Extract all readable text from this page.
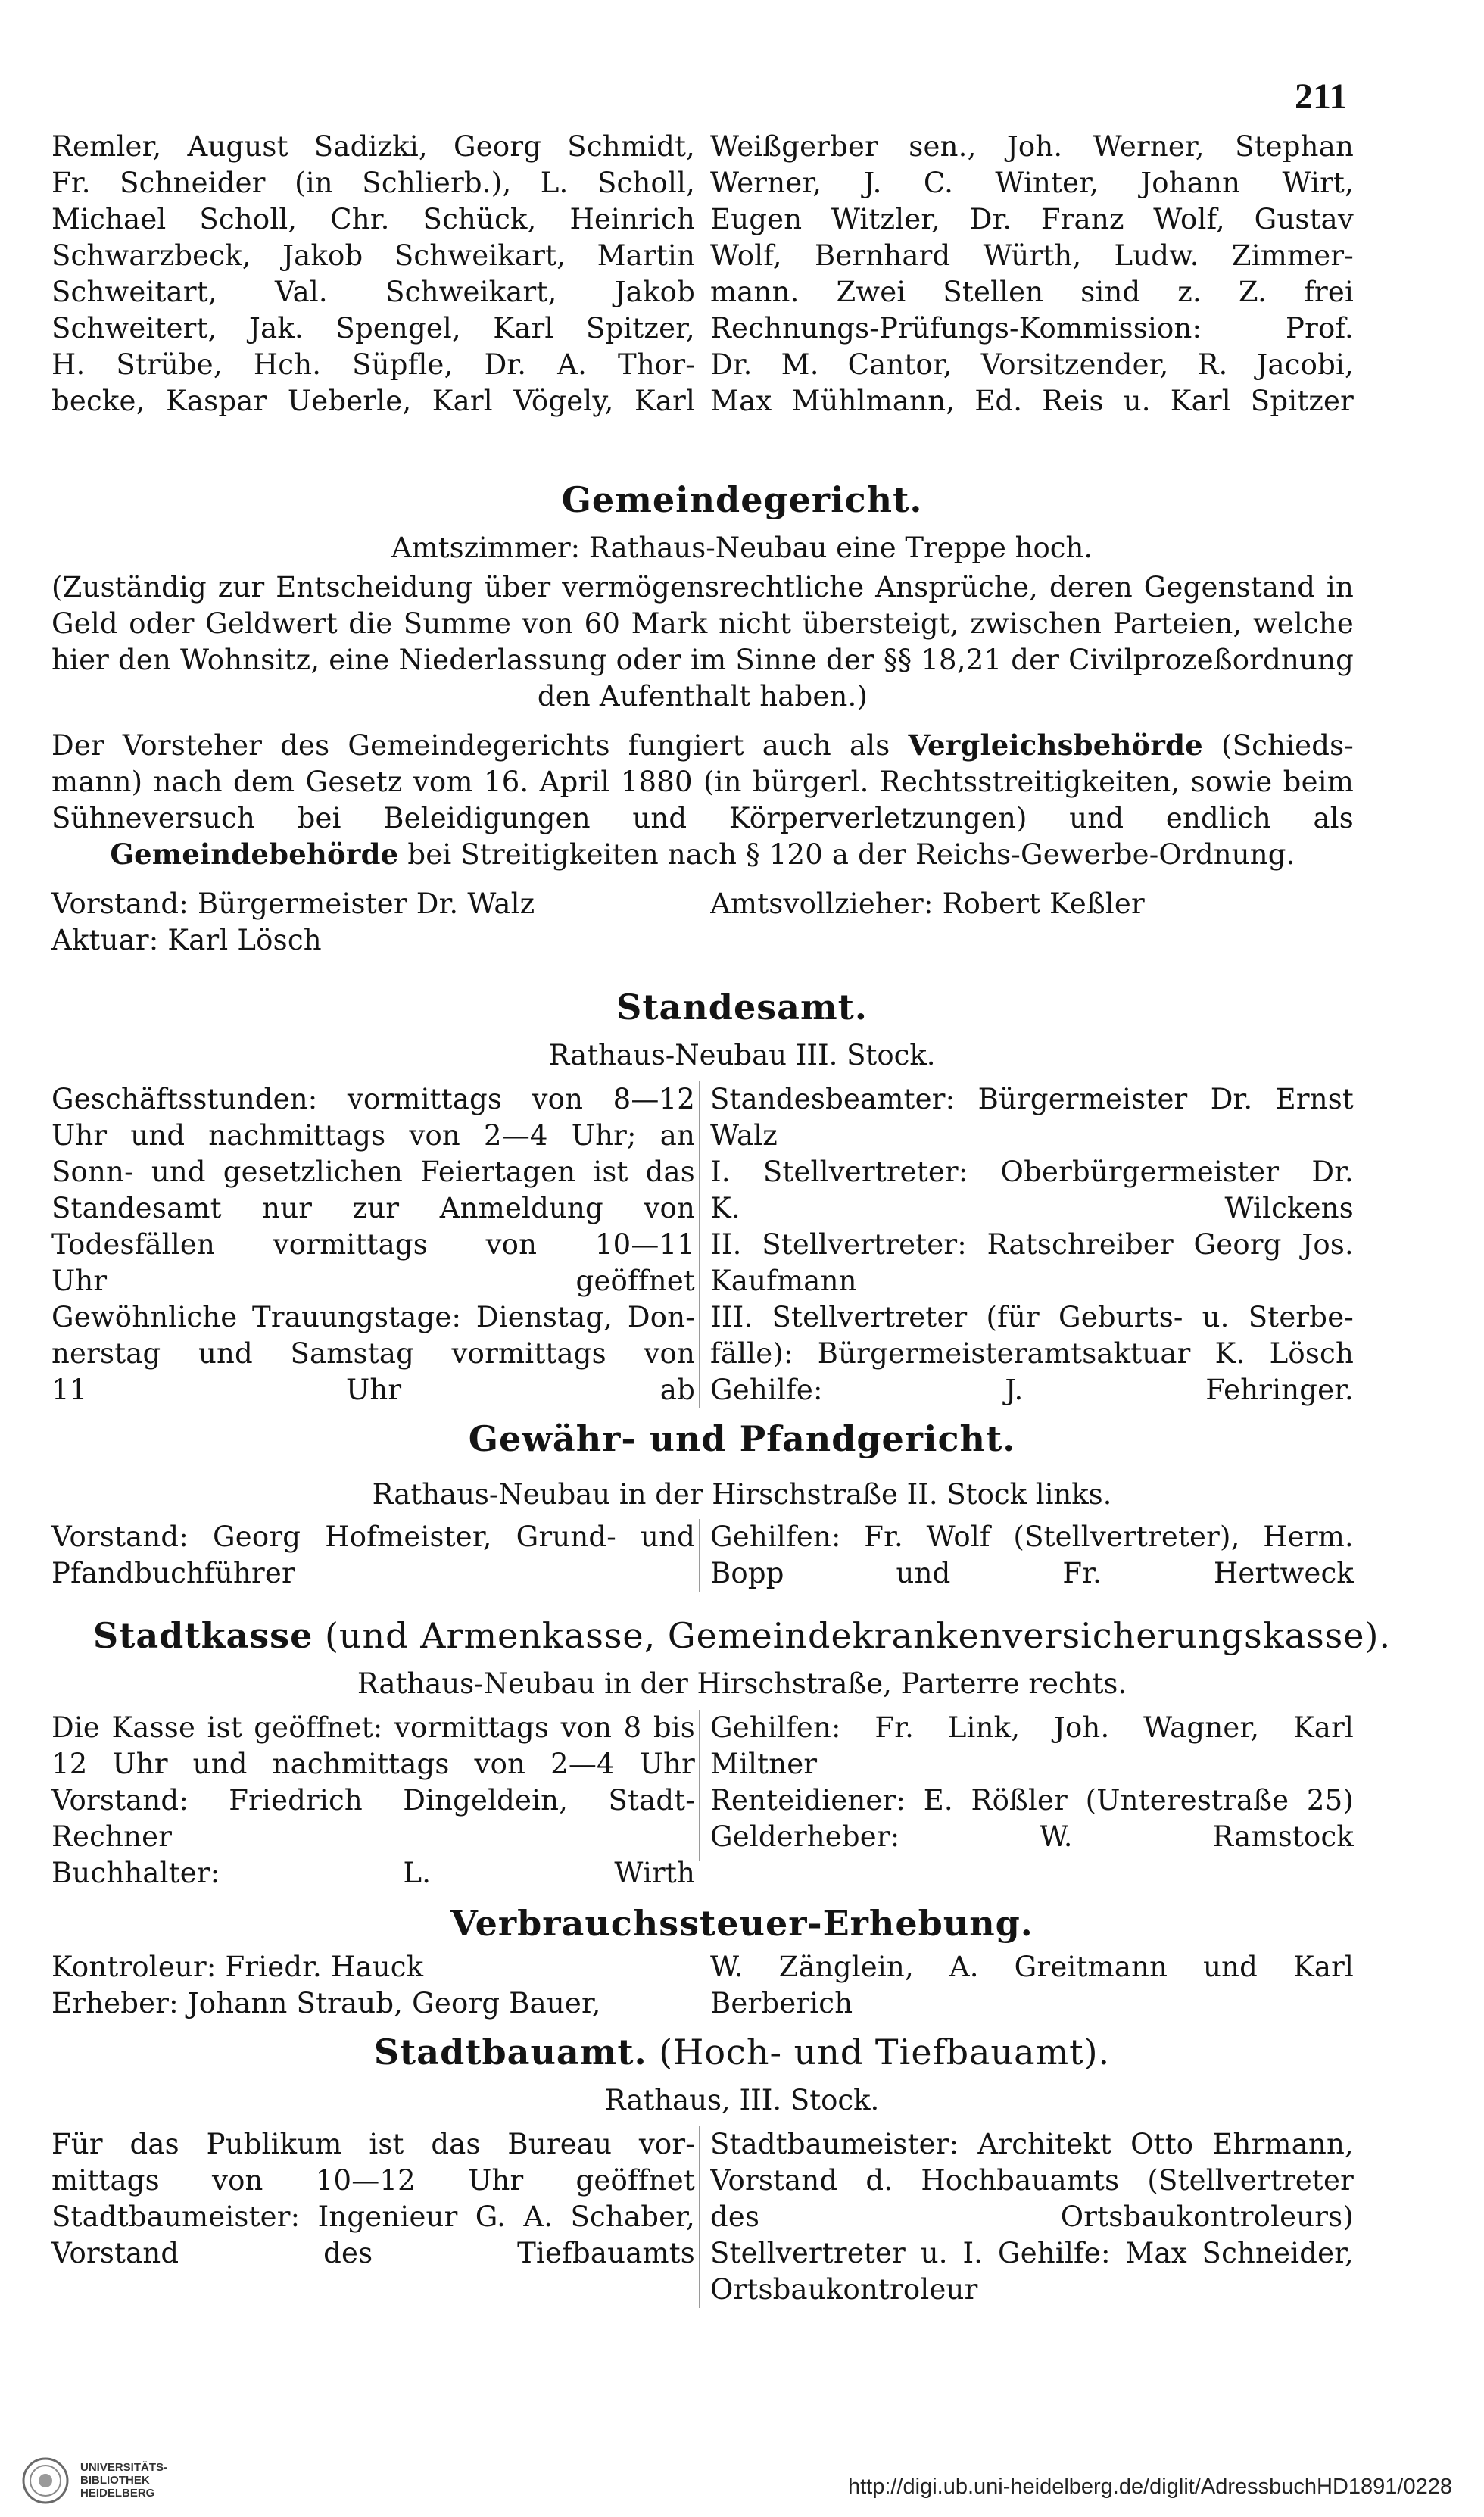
211
Remler, August Sadizki, Georg Schmidt,
Fr. Schneider (in Schlierb.), L. Scholl,
Michael Scholl, Chr. Schück, Heinrich
Schwarzbeck, Jakob Schweikart, Martin
Schweitart, Val. Schweikart, Jakob
Schweitert, Jak. Spengel, Karl Spitzer,
H. Strübe, Hch. Süpfle, Dr. A. Thor-
becke, Kaspar Ueberle, Karl Vögely, Karl
Weißgerber sen., Joh. Werner, Stephan
Werner, J. C. Winter, Johann Wirt,
Eugen Witzler, Dr. Franz Wolf, Gustav
Wolf, Bernhard Würth, Ludw. Zimmer-
mann. Zwei Stellen sind z. Z. frei
Rechnungs-Prüfungs-Kommission: Prof.
Dr. M. Cantor, Vorsitzender, R. Jacobi,
Max Mühlmann, Ed. Reis u. Karl Spitzer
Gemeindegericht.
Amtszimmer: Rathaus-Neubau eine Treppe hoch.
(Zuständig zur Entscheidung über vermögensrechtliche Ansprüche, deren Gegenstand in
Geld oder Geldwert die Summe von 60 Mark nicht übersteigt, zwischen Parteien, welche
hier den Wohnsitz, eine Niederlassung oder im Sinne der §§ 18,21 der Civilprozeßordnung
den Aufenthalt haben.)
Der Vorsteher des Gemeindegerichts fungiert auch als Vergleichsbehörde (Schieds-
mann) nach dem Gesetz vom 16. April 1880 (in bürgerl. Rechtsstreitigkeiten, sowie beim
Sühneversuch bei Beleidigungen und Körperverletzungen) und endlich als
Gemeindebehörde bei Streitigkeiten nach § 120 a der Reichs-Gewerbe-Ordnung.
Vorstand: Bürgermeister Dr. Walz
Aktuar: Karl Lösch
Amtsvollzieher: Robert Keßler
Standesamt.
Rathaus-Neubau III. Stock.
Geschäftsstunden: vormittags von 8—12
Uhr und nachmittags von 2—4 Uhr; an
Sonn- und gesetzlichen Feiertagen ist das
Standesamt nur zur Anmeldung von
Todesfällen vormittags von 10—11
Uhr geöffnet
Gewöhnliche Trauungstage: Dienstag, Don-
nerstag und Samstag vormittags von
11 Uhr ab
Standesbeamter: Bürgermeister Dr. Ernst
Walz
I. Stellvertreter: Oberbürgermeister Dr.
K. Wilckens
II. Stellvertreter: Ratschreiber Georg Jos.
Kaufmann
III. Stellvertreter (für Geburts- u. Sterbe-
fälle): Bürgermeisteramtsaktuar K. Lösch
Gehilfe: J. Fehringer.
Gewähr- und Pfandgericht.
Rathaus-Neubau in der Hirschstraße II. Stock links.
Vorstand: Georg Hofmeister, Grund- und
Pfandbuchführer
Gehilfen: Fr. Wolf (Stellvertreter), Herm.
Bopp und Fr. Hertweck
Stadtkasse (und Armenkasse, Gemeindekrankenversicherungskasse).
Rathaus-Neubau in der Hirschstraße, Parterre rechts.
Die Kasse ist geöffnet: vormittags von 8 bis
12 Uhr und nachmittags von 2—4 Uhr
Vorstand: Friedrich Dingeldein, Stadt-
Rechner
Buchhalter: L. Wirth
Gehilfen: Fr. Link, Joh. Wagner, Karl
Miltner
Renteidiener: E. Rößler (Unterestraße 25)
Gelderheber: W. Ramstock
Verbrauchssteuer-Erhebung.
Kontroleur: Friedr. Hauck
Erheber: Johann Straub, Georg Bauer,
W. Zänglein, A. Greitmann und Karl
Berberich
Stadtbauamt. (Hoch- und Tiefbauamt).
Rathaus, III. Stock.
Für das Publikum ist das Bureau vor-
mittags von 10—12 Uhr geöffnet
Stadtbaumeister: Ingenieur G. A. Schaber,
Vorstand des Tiefbauamts
Stadtbaumeister: Architekt Otto Ehrmann,
Vorstand d. Hochbauamts (Stellvertreter
des Ortsbaukontroleurs)
Stellvertreter u. I. Gehilfe: Max Schneider,
Ortsbaukontroleur
UNIVERSITÄTS-
BIBLIOTHEK
HEIDELBERG	http://digi.ub.uni-heidelberg.de/diglit/AdressbuchHD1891/0228
